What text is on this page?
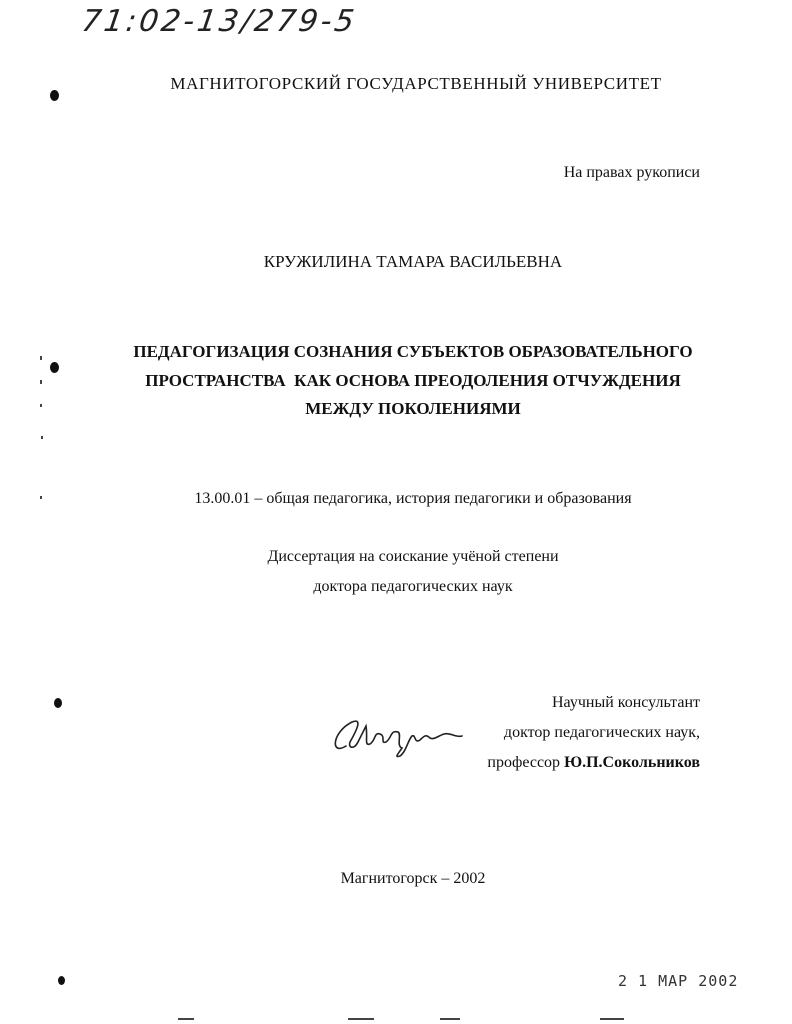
71:02-13/279-5
МАГНИТОГОРСКИЙ ГОСУДАРСТВЕННЫЙ УНИВЕРСИТЕТ
На правах рукописи
КРУЖИЛИНА ТАМАРА ВАСИЛЬЕВНА
ПЕДАГОГИЗАЦИЯ СОЗНАНИЯ СУБЪЕКТОВ ОБРАЗОВАТЕЛЬНОГО
ПРОСТРАНСТВА  КАК ОСНОВА ПРЕОДОЛЕНИЯ ОТЧУЖДЕНИЯ
МЕЖДУ ПОКОЛЕНИЯМИ
13.00.01 – общая педагогика, история педагогики и образования
Диссертация на соискание учёной степени
доктора педагогических наук
Научный консультант
доктор педагогических наук,
профессор Ю.П.Сокольников
Магнитогорск – 2002
2 1 МАР 2002
